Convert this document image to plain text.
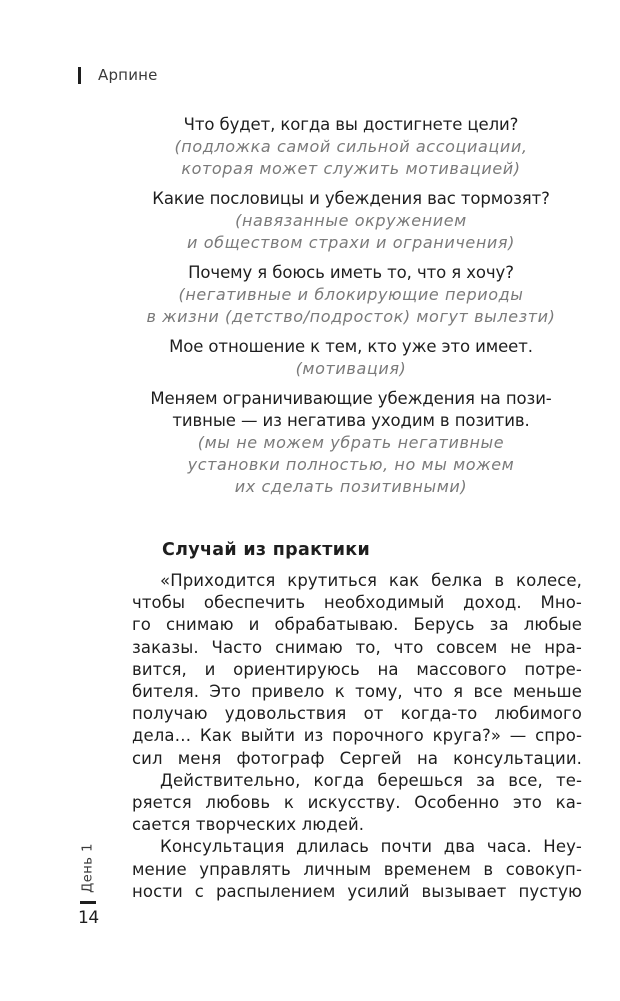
Арпине
Что будет, когда вы достигнете цели?
(подложка самой сильной ассоциации,
которая может служить мотивацией)
Какие пословицы и убеждения вас тормозят?
(навязанные окружением
и обществом страхи и ограничения)
Почему я боюсь иметь то, что я хочу?
(негативные и блокирующие периоды
в жизни (детство/подросток) могут вылезти)
Мое отношение к тем, кто уже это имеет.
(мотивация)
Меняем ограничивающие убеждения на пози-
тивные — из негатива уходим в позитив.
(мы не можем убрать негативные
установки полностью, но мы можем
их сделать позитивными)
Случай из практики
«Приходится крутиться как белка в колесе,
чтобы обеспечить необходимый доход. Мно-
го снимаю и обрабатываю. Берусь за любые
заказы. Часто снимаю то, что совсем не нра-
вится, и ориентируюсь на массового потре-
бителя. Это привело к тому, что я все меньше
получаю удовольствия от когда-то любимого
дела… Как выйти из порочного круга?» — спро-
сил меня фотограф Сергей на консультации.
Действительно, когда берешься за все, те-
ряется любовь к искусству. Особенно это ка-
сается творческих людей.
Консультация длилась почти два часа. Неу-
мение управлять личным временем в совокуп-
ности с распылением усилий вызывает пустую
День 1
14
